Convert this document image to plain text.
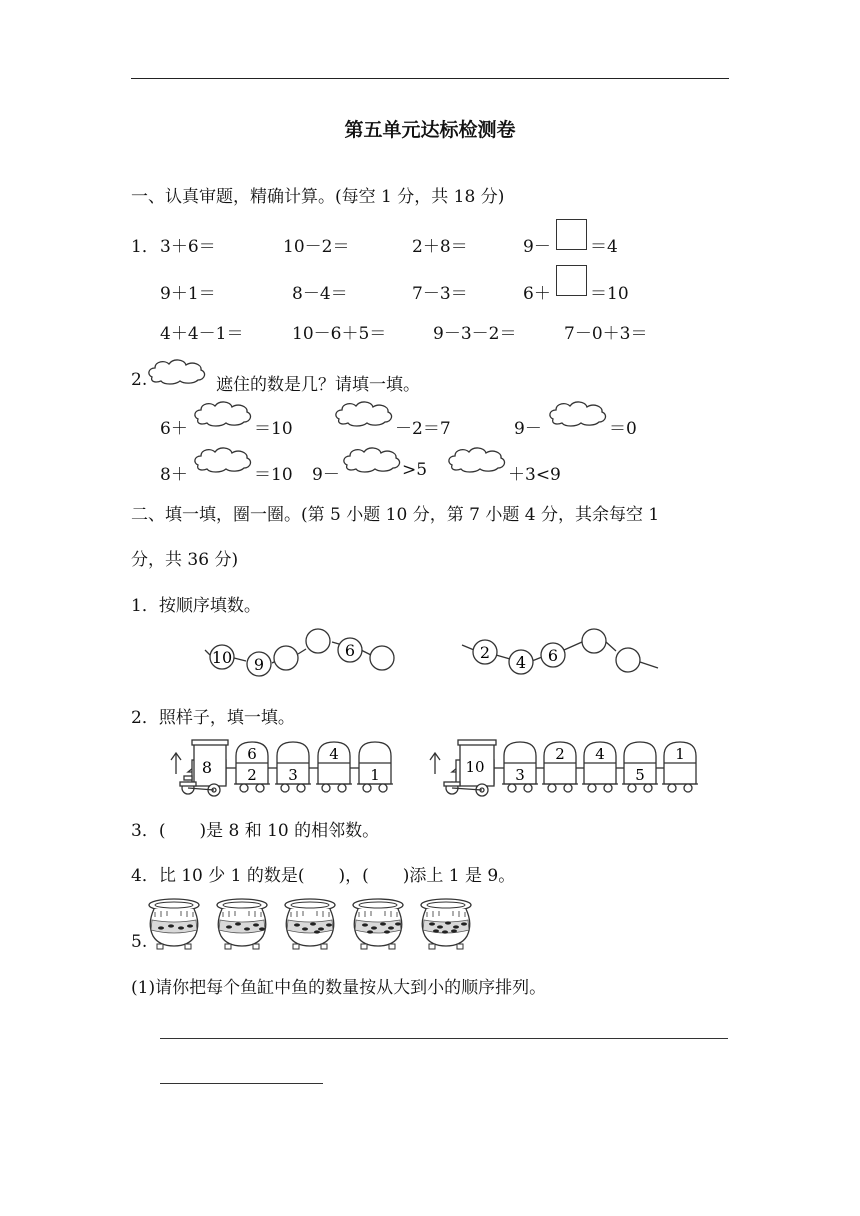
第五单元达标检测卷
一、认真审题，精确计算。(每空 1 分，共 18 分)
1． 3＋6＝	10－2＝	2＋8＝	9－ ＝4
9＋1＝	8－4＝	7－3＝	6＋ ＝10
4＋4－1＝	10－6＋5＝	9－3－2＝	7－0＋3＝
2.	遮住的数是几？请填一填。
6＋	＝10	－2＝7	9－	＝0
8＋	＝10 9－	>5	＋3<9
二、填一填，圈一圈。(第 5 小题 10 分，第 7 小题 4 分，其余每空 1
分，共 36 分)
1．按顺序填数。
10 9
6	2
4 6
2．照样子，填一填。
8
6
2 3
4
1	10 3
2 4
5
1
3．(　　)是 8 和 10 的相邻数。
4．比 10 少 1 的数是(　　)，(　　)添上 1 是 9。
5.
(1)请你把每个鱼缸中鱼的数量按从大到小的顺序排列。
